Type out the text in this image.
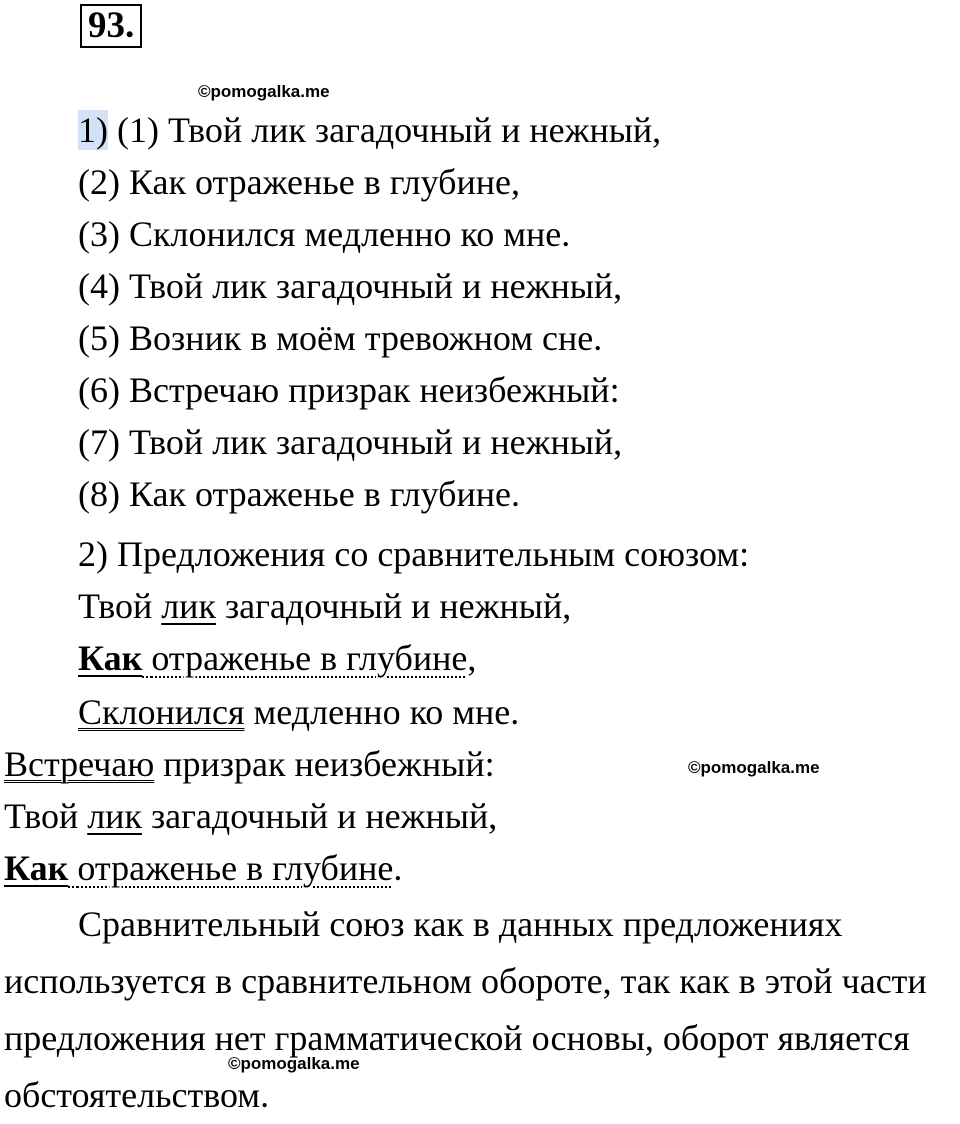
93.
©pomogalka.me
1) (1) Твой лик загадочный и нежный,
(2) Как отраженье в глубине,
(3) Склонился медленно ко мне.
(4) Твой лик загадочный и нежный,
(5) Возник в моём тревожном сне.
(6) Встречаю призрак неизбежный:
(7) Твой лик загадочный и нежный,
(8) Как отраженье в глубине.
2) Предложения со сравнительным союзом:
Твой лик загадочный и нежный,
Как отраженье в глубине,
Склонился медленно ко мне.
Встречаю призрак неизбежный:	©pomogalka.me
Твой лик загадочный и нежный,
Как отраженье в глубине.
Сравнительный союз как в данных предложениях используется в сравнительном обороте, так как в этой части предложения нет грамматической основы, оборот является обстоятельством.
©pomogalka.me
